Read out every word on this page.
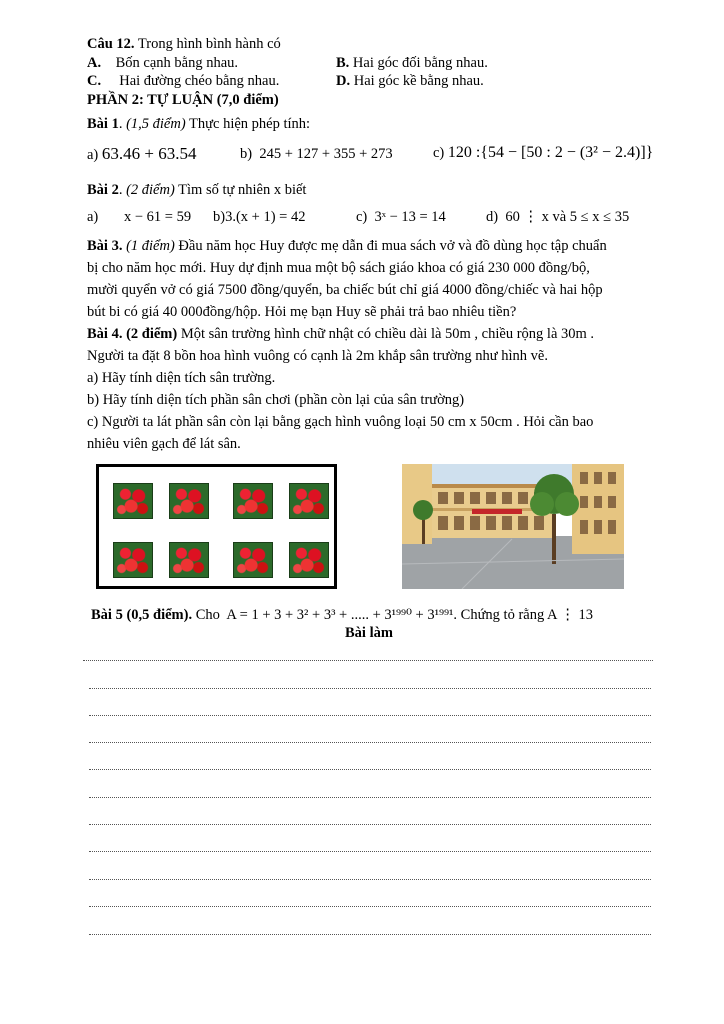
Câu 12. Trong hình bình hành có
A. Bốn cạnh bằng nhau.	B. Hai góc đối bằng nhau.
C. Hai đường chéo bằng nhau.	D. Hai góc kề bằng nhau.
PHẦN 2: TỰ LUẬN (7,0 điểm)
Bài 1. (1,5 điểm) Thực hiện phép tính:
a) 63.46 + 63.54	b) 245 + 127 + 355 + 273	c) 120 :{54 − [50 : 2 − (3² − 2.4)]}
Bài 2. (2 điểm) Tìm số tự nhiên x biết
a) x − 61 = 59 b)3.(x + 1) = 42	c) 3ˣ − 13 = 14	d) 60 ⋮ x và 5 ≤ x ≤ 35
Bài 3. (1 điểm) Đầu năm học Huy được mẹ dẫn đi mua sách vở và đồ dùng học tập chuẩn
bị cho năm học mới. Huy dự định mua một bộ sách giáo khoa có giá 230 000 đồng/bộ,
mười quyển vở có giá 7500 đồng/quyển, ba chiếc bút chỉ giá 4000 đồng/chiếc và hai hộp
bút bi có giá 40 000đồng/hộp. Hỏi mẹ bạn Huy sẽ phải trả bao nhiêu tiền?
Bài 4. (2 điểm) Một sân trường hình chữ nhật có chiều dài là 50m , chiều rộng là 30m .
Người ta đặt 8 bồn hoa hình vuông có cạnh là 2m khắp sân trường như hình vẽ.
a) Hãy tính diện tích sân trường.
b) Hãy tính diện tích phần sân chơi (phần còn lại của sân trường)
c) Người ta lát phần sân còn lại bằng gạch hình vuông loại 50 cm x 50cm . Hỏi cần bao
nhiêu viên gạch để lát sân.
Bài 5 (0,5 điểm). Cho A = 1 + 3 + 3² + 3³ + ..... + 3¹⁹⁹⁰ + 3¹⁹⁹¹. Chứng tỏ rằng A ⋮ 13
Bài làm
